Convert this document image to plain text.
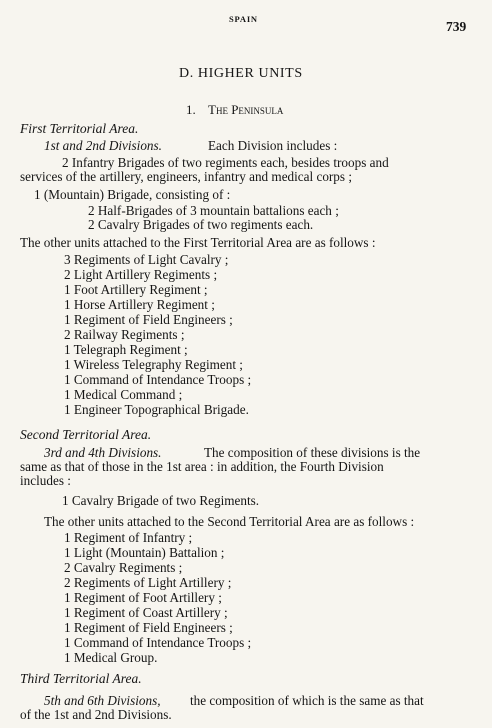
SPAIN	739
D. HIGHER UNITS
1. The Peninsula
First Territorial Area.
1st and 2nd Divisions.	Each Division includes :
2 Infantry Brigades of two regiments each, besides troops and
services of the artillery, engineers, infantry and medical corps ;
1 (Mountain) Brigade, consisting of :
2 Half-Brigades of 3 mountain battalions each ;
2 Cavalry Brigades of two regiments each.
The other units attached to the First Territorial Area are as follows :
3 Regiments of Light Cavalry ;
2 Light Artillery Regiments ;
1 Foot Artillery Regiment ;
1 Horse Artillery Regiment ;
1 Regiment of Field Engineers ;
2 Railway Regiments ;
1 Telegraph Regiment ;
1 Wireless Telegraphy Regiment ;
1 Command of Intendance Troops ;
1 Medical Command ;
1 Engineer Topographical Brigade.
Second Territorial Area.
3rd and 4th Divisions.	The composition of these divisions is the
same as that of those in the 1st area : in addition, the Fourth Division
includes :
1 Cavalry Brigade of two Regiments.
The other units attached to the Second Territorial Area are as follows :
1 Regiment of Infantry ;
1 Light (Mountain) Battalion ;
2 Cavalry Regiments ;
2 Regiments of Light Artillery ;
1 Regiment of Foot Artillery ;
1 Regiment of Coast Artillery ;
1 Regiment of Field Engineers ;
1 Command of Intendance Troops ;
1 Medical Group.
Third Territorial Area.
5th and 6th Divisions, the composition of which is the same as that
of the 1st and 2nd Divisions.
